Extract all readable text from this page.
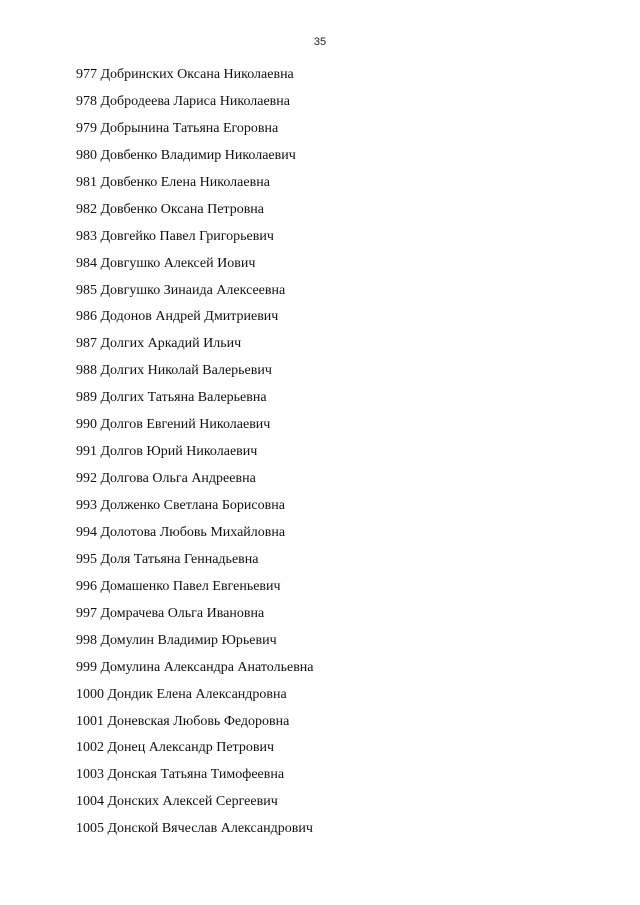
35
977 Добринских Оксана Николаевна
978 Добродеева Лариса Николаевна
979 Добрынина Татьяна Егоровна
980 Довбенко Владимир Николаевич
981 Довбенко Елена Николаевна
982 Довбенко Оксана Петровна
983 Довгейко Павел Григорьевич
984 Довгушко Алексей Иович
985 Довгушко Зинаида Алексеевна
986 Додонов Андрей Дмитриевич
987 Долгих Аркадий Ильич
988 Долгих Николай Валерьевич
989 Долгих Татьяна Валерьевна
990 Долгов Евгений Николаевич
991 Долгов Юрий Николаевич
992 Долгова Ольга Андреевна
993 Долженко Светлана Борисовна
994 Долотова Любовь Михайловна
995 Доля Татьяна Геннадьевна
996 Домашенко Павел Евгеньевич
997 Домрачева Ольга Ивановна
998 Домулин Владимир Юрьевич
999 Домулина Александра Анатольевна
1000 Дондик Елена Александровна
1001 Доневская Любовь Федоровна
1002 Донец Александр Петрович
1003 Донская Татьяна Тимофеевна
1004 Донских Алексей Сергеевич
1005 Донской Вячеслав Александрович
